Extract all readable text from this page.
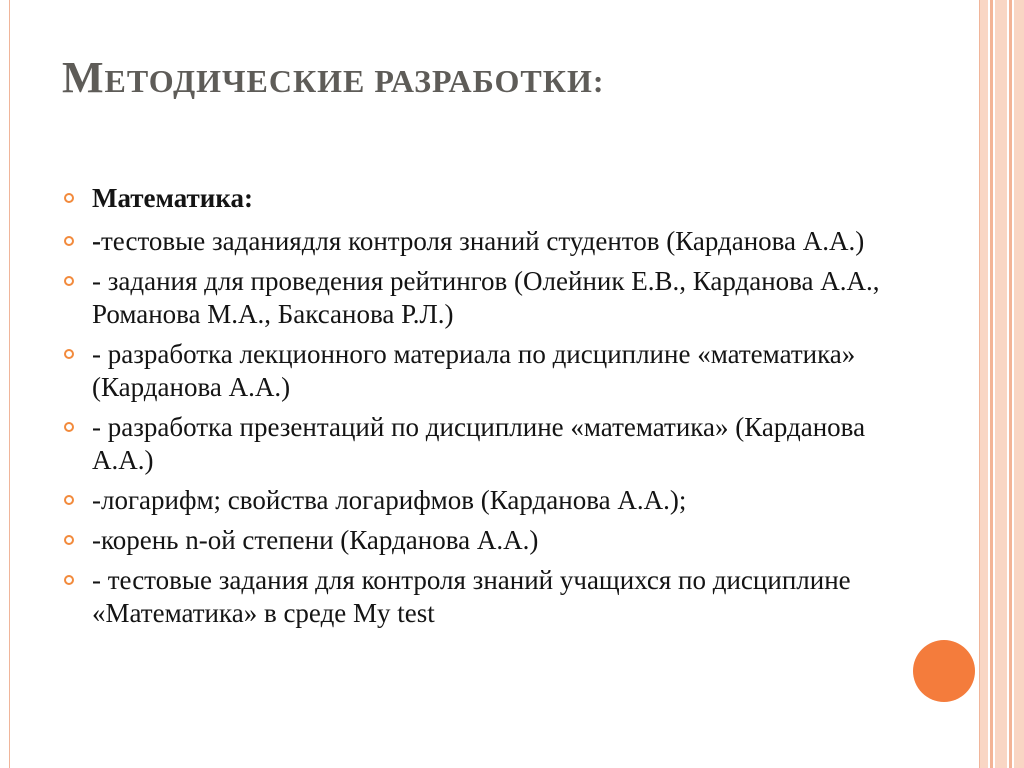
МЕТОДИЧЕСКИЕ РАЗРАБОТКИ:
Математика:
-тестовые заданиядля контроля знаний студентов (Карданова А.А.)
- задания для проведения рейтингов (Олейник Е.В., Карданова А.А., Романова М.А., Баксанова Р.Л.)
- разработка лекционного материала по дисциплине «математика» (Карданова А.А.)
- разработка презентаций по дисциплине «математика» (Карданова А.А.)
-логарифм; свойства логарифмов (Карданова А.А.);
-корень n-ой степени (Карданова А.А.)
- тестовые задания для контроля знаний учащихся по дисциплине «Математика» в среде My test
